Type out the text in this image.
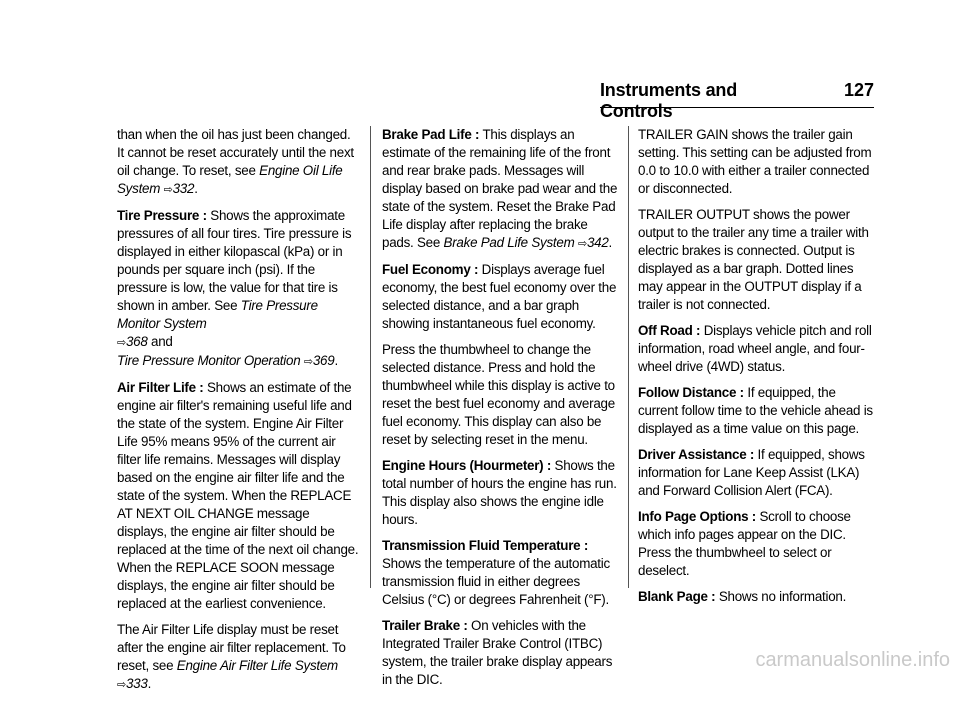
Instruments and Controls
127

than when the oil has just been changed. It cannot be reset accurately until the next oil change. To reset, see Engine Oil Life System ⇨332.

Tire Pressure : Shows the approximate pressures of all four tires. Tire pressure is displayed in either kilopascal (kPa) or in pounds per square inch (psi). If the pressure is low, the value for that tire is shown in amber. See Tire Pressure Monitor System
⇨368 and
Tire Pressure Monitor Operation ⇨369.

Air Filter Life : Shows an estimate of the engine air filter's remaining useful life and the state of the system. Engine Air Filter Life 95% means 95% of the current air filter life remains. Messages will display based on the engine air filter life and the state of the system. When the REPLACE AT NEXT OIL CHANGE message displays, the engine air filter should be replaced at the time of the next oil change. When the REPLACE SOON message displays, the engine air filter should be replaced at the earliest convenience.

The Air Filter Life display must be reset after the engine air filter replacement. To reset, see Engine Air Filter Life System ⇨333.

Brake Pad Life : This displays an estimate of the remaining life of the front and rear brake pads. Messages will display based on brake pad wear and the state of the system. Reset the Brake Pad Life display after replacing the brake pads. See Brake Pad Life System ⇨342.

Fuel Economy : Displays average fuel economy, the best fuel economy over the selected distance, and a bar graph showing instantaneous fuel economy.

Press the thumbwheel to change the selected distance. Press and hold the thumbwheel while this display is active to reset the best fuel economy and average fuel economy. This display can also be reset by selecting reset in the menu.

Engine Hours (Hourmeter) : Shows the total number of hours the engine has run. This display also shows the engine idle hours.

Transmission Fluid Temperature : Shows the temperature of the automatic transmission fluid in either degrees Celsius (°C) or degrees Fahrenheit (°F).

Trailer Brake : On vehicles with the Integrated Trailer Brake Control (ITBC) system, the trailer brake display appears in the DIC.

TRAILER GAIN shows the trailer gain setting. This setting can be adjusted from 0.0 to 10.0 with either a trailer connected or disconnected.

TRAILER OUTPUT shows the power output to the trailer any time a trailer with electric brakes is connected. Output is displayed as a bar graph. Dotted lines may appear in the OUTPUT display if a trailer is not connected.

Off Road : Displays vehicle pitch and roll information, road wheel angle, and four-wheel drive (4WD) status.

Follow Distance : If equipped, the current follow time to the vehicle ahead is displayed as a time value on this page.

Driver Assistance : If equipped, shows information for Lane Keep Assist (LKA) and Forward Collision Alert (FCA).

Info Page Options : Scroll to choose which info pages appear on the DIC. Press the thumbwheel to select or deselect.

Blank Page : Shows no information.

carmanualsonline.info
